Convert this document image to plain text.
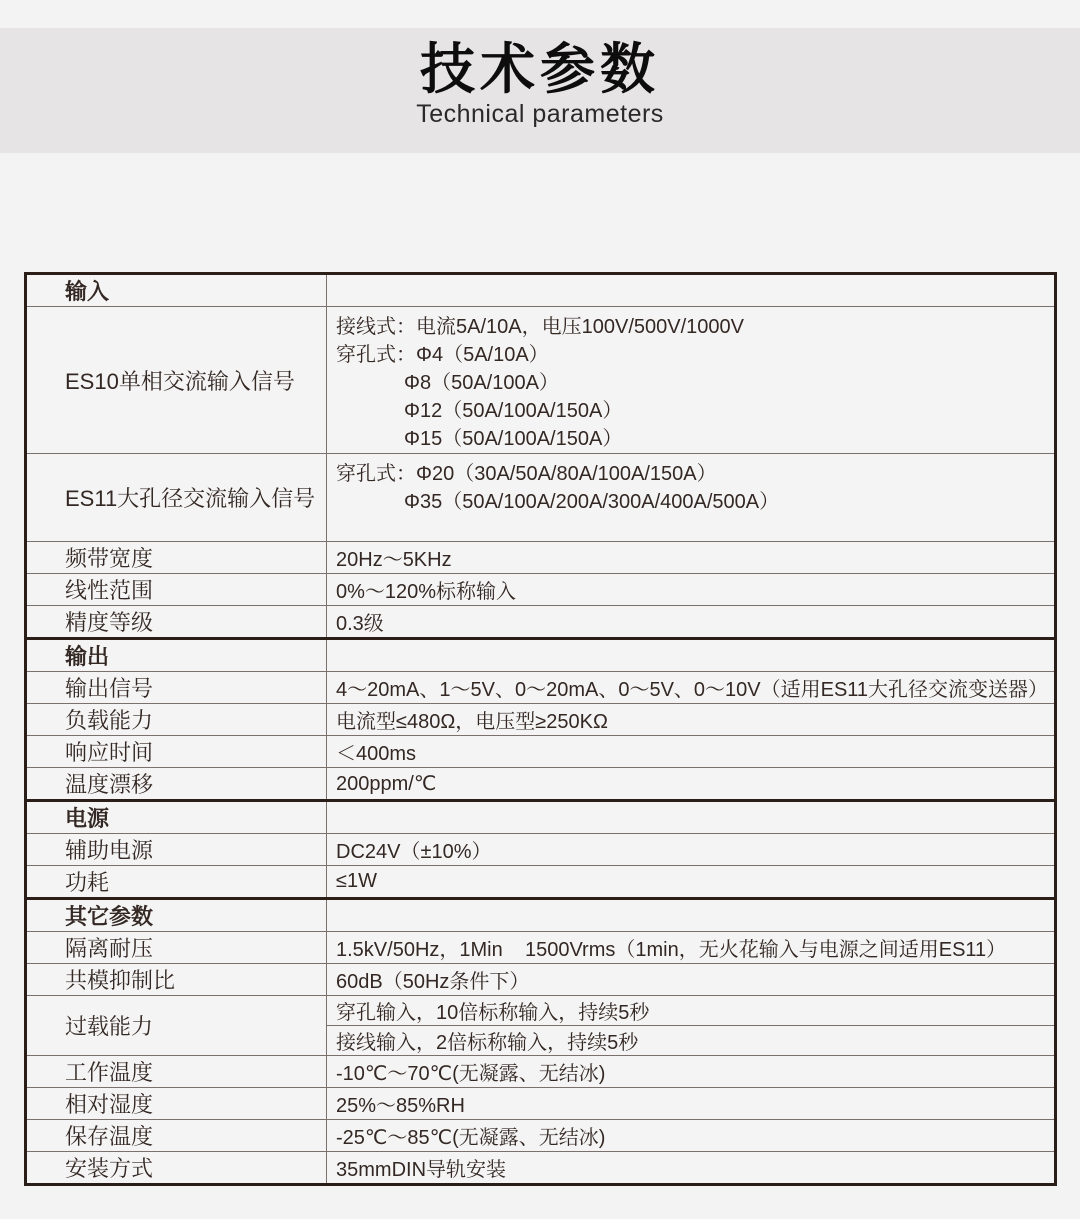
技术参数
Technical parameters
输入	
ES10单相交流输入信号	接线式：电流5A/10A，电压100V/500V/1000V
穿孔式：Φ4（5A/10A）
Φ8（50A/100A）
Φ12（50A/100A/150A）
Φ15（50A/100A/150A）

ES11大孔径交流输入信号	穿孔式：Φ20（30A/50A/80A/100A/150A）
Φ35（50A/100A/200A/300A/400A/500A）

频带宽度	20Hz～5KHz
线性范围	0%～120%标称输入
精度等级	0.3级
输出	
输出信号	4～20mA、1～5V、0～20mA、0～5V、0～10V（适用ES11大孔径交流变送器）
负载能力	电流型≤480Ω，电压型≥250KΩ
响应时间	＜400ms
温度漂移	200ppm/℃
电源	
辅助电源	DC24V（±10%）
功耗	≤1W
其它参数	
隔离耐压	1.5kV/50Hz，1Min    1500Vrms（1min，无火花输入与电源之间适用ES11）
共模抑制比	60dB（50Hz条件下）
过载能力	穿孔输入，10倍标称输入，持续5秒
	接线输入，2倍标称输入，持续5秒
工作温度	-10℃～70℃(无凝露、无结冰)
相对湿度	25%～85%RH
保存温度	-25℃～85℃(无凝露、无结冰)
安装方式	35mmDIN导轨安装
